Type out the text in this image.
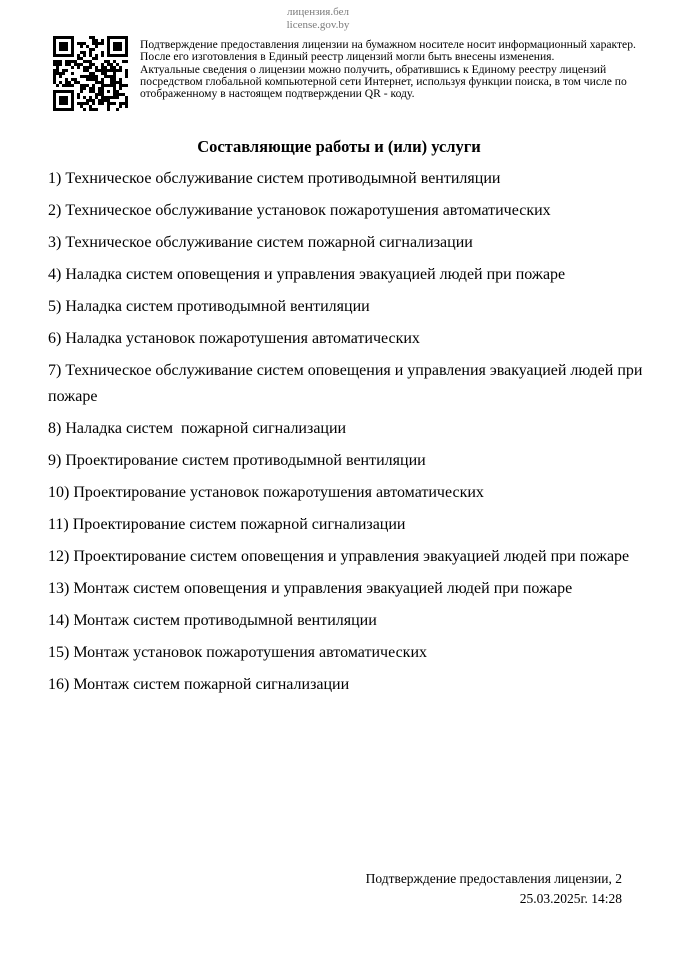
лицензия.бел
license.gov.by
Подтверждение предоставления лицензии на бумажном носителе носит информационный характер.
После его изготовления в Единый реестр лицензий могли быть внесены изменения.
Актуальные сведения о лицензии можно получить, обратившись к Единому реестру лицензий посредством глобальной компьютерной сети Интернет, используя функции поиска, в том числе по отображенному в настоящем подтверждении QR - коду.
Составляющие работы и (или) услуги
1) Техническое обслуживание систем противодымной вентиляции
2) Техническое обслуживание установок пожаротушения автоматических
3) Техническое обслуживание систем пожарной сигнализации
4) Наладка систем оповещения и управления эвакуацией людей при пожаре
5) Наладка систем противодымной вентиляции
6) Наладка установок пожаротушения автоматических
7) Техническое обслуживание систем оповещения и управления эвакуацией людей при пожаре
8) Наладка систем  пожарной сигнализации
9) Проектирование систем противодымной вентиляции
10) Проектирование установок пожаротушения автоматических
11) Проектирование систем пожарной сигнализации
12) Проектирование систем оповещения и управления эвакуацией людей при пожаре
13) Монтаж систем оповещения и управления эвакуацией людей при пожаре
14) Монтаж систем противодымной вентиляции
15) Монтаж установок пожаротушения автоматических
16) Монтаж систем пожарной сигнализации
Подтверждение предоставления лицензии, 2
25.03.2025г. 14:28
